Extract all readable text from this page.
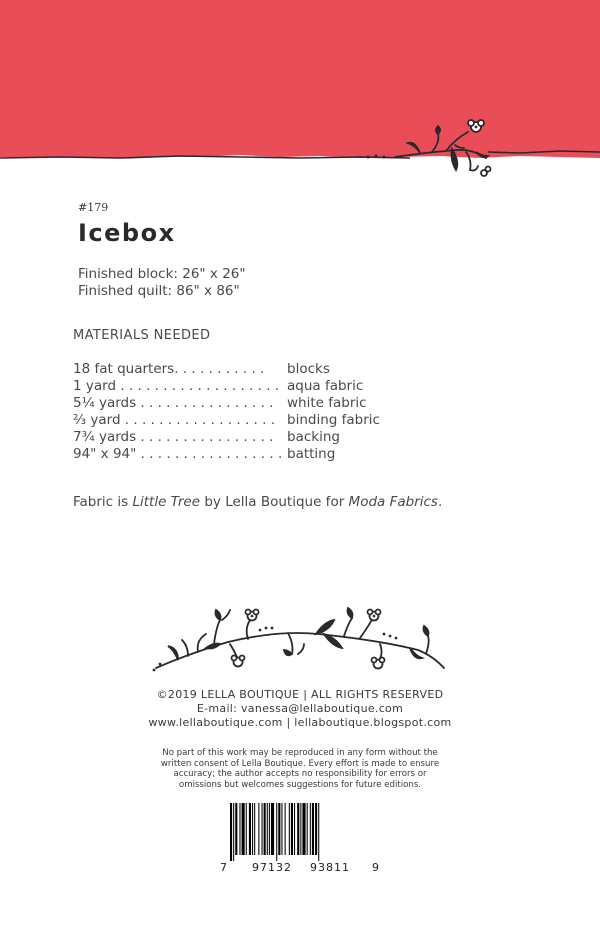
#179
Icebox
Finished block: 26" x 26"
Finished quilt: 86" x 86"
MATERIALS NEEDED
18 fat quarters. . . . . . . . . . .	blocks
1 yard . . . . . . . . . . . . . . . . . . . aqua fabric
5¼ yards . . . . . . . . . . . . . . . .	white fabric
⅔ yard . . . . . . . . . . . . . . . . . . binding fabric
7¾ yards . . . . . . . . . . . . . . . .	backing
94" x 94" . . . . . . . . . . . . . . . . . batting
Fabric is Little Tree by Lella Boutique for Moda Fabrics.
©2019 LELLA BOUTIQUE | ALL RIGHTS RESERVED
E-mail: vanessa@lellaboutique.com
www.lellaboutique.com | lellaboutique.blogspot.com
No part of this work may be reproduced in any form without the
written consent of Lella Boutique. Every effort is made to ensure
accuracy; the author accepts no responsibility for errors or
omissions but welcomes suggestions for future editions.
7 97132 93811 9
